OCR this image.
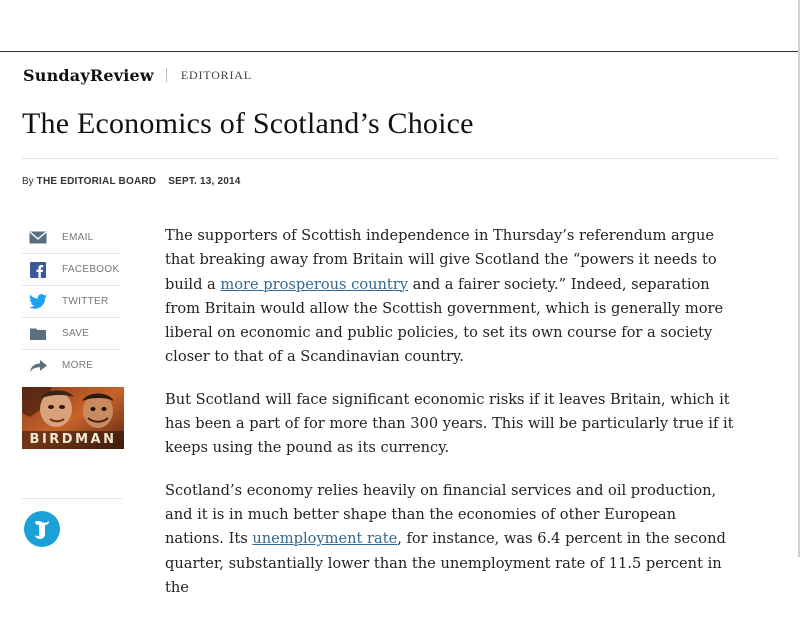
SundayReview EDITORIAL
The Economics of Scotland’s Choice
By THE EDITORIAL BOARD SEPT. 13, 2014
EMAIL
FACEBOOK
TWITTER
SAVE
MORE
BIRDMAN

The supporters of Scottish independence in Thursday’s referendum argue that breaking away from Britain will give Scotland the “powers it needs to build a more prosperous country and a fairer society.” Indeed, separation from Britain would allow the Scottish government, which is generally more liberal on economic and public policies, to set its own course for a society closer to that of a Scandinavian country.

But Scotland will face significant economic risks if it leaves Britain, which it has been a part of for more than 300 years. This will be particularly true if it keeps using the pound as its currency.

Scotland’s economy relies heavily on financial services and oil production, and it is in much better shape than the economies of other European nations. Its unemployment rate, for instance, was 6.4 percent in the second quarter, substantially lower than the unemployment rate of 11.5 percent in the
